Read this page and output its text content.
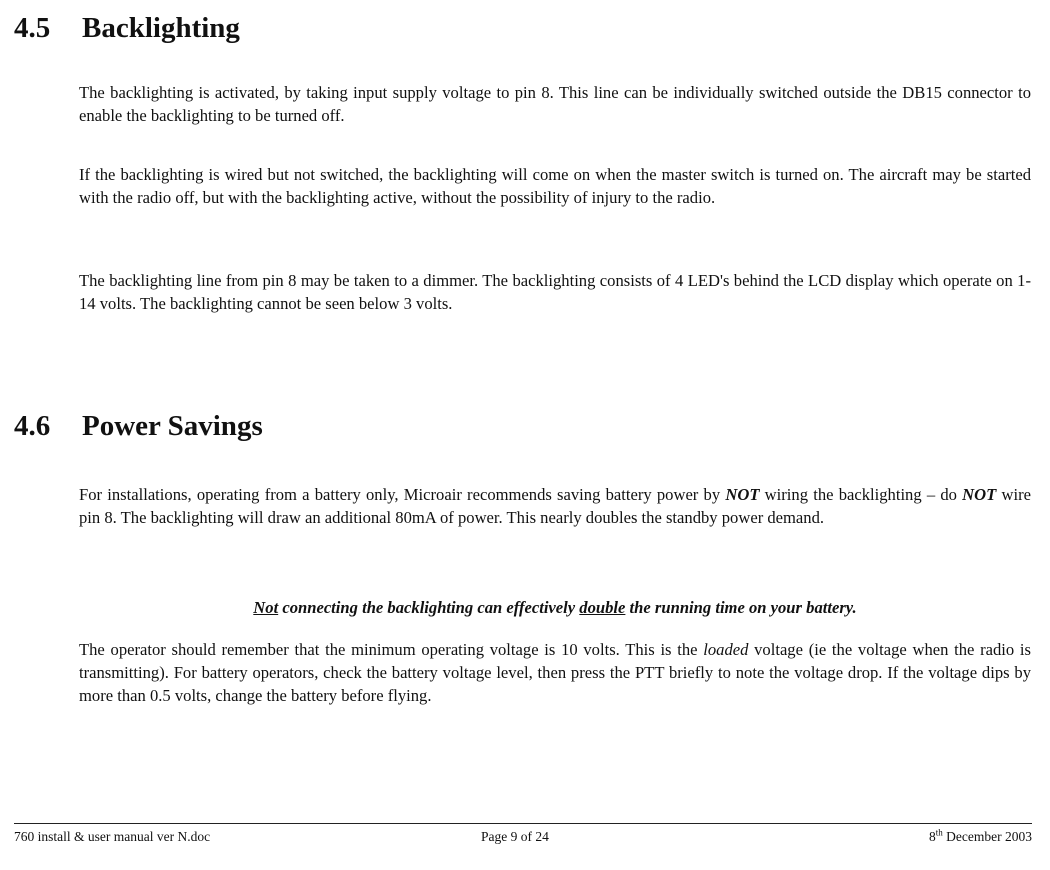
4.5 Backlighting

The backlighting is activated, by taking input supply voltage to pin 8. This line can be individually switched outside the DB15 connector to enable the backlighting to be turned off.

If the backlighting is wired but not switched, the backlighting will come on when the master switch is turned on. The aircraft may be started with the radio off, but with the backlighting active, without the possibility of injury to the radio.

The backlighting line from pin 8 may be taken to a dimmer. The backlighting consists of 4 LED's behind the LCD display which operate on 1-14 volts. The backlighting cannot be seen below 3 volts.

4.6 Power Savings

For installations, operating from a battery only, Microair recommends saving battery power by NOT wiring the backlighting – do NOT wire pin 8. The backlighting will draw an additional 80mA of power. This nearly doubles the standby power demand.

Not connecting the backlighting can effectively double the running time on your battery.

The operator should remember that the minimum operating voltage is 10 volts. This is the loaded voltage (ie the voltage when the radio is transmitting). For battery operators, check the battery voltage level, then press the PTT briefly to note the voltage drop. If the voltage dips by more than 0.5 volts, change the battery before flying.

760 install & user manual ver N.doc	Page 9 of 24	8th December 2003
